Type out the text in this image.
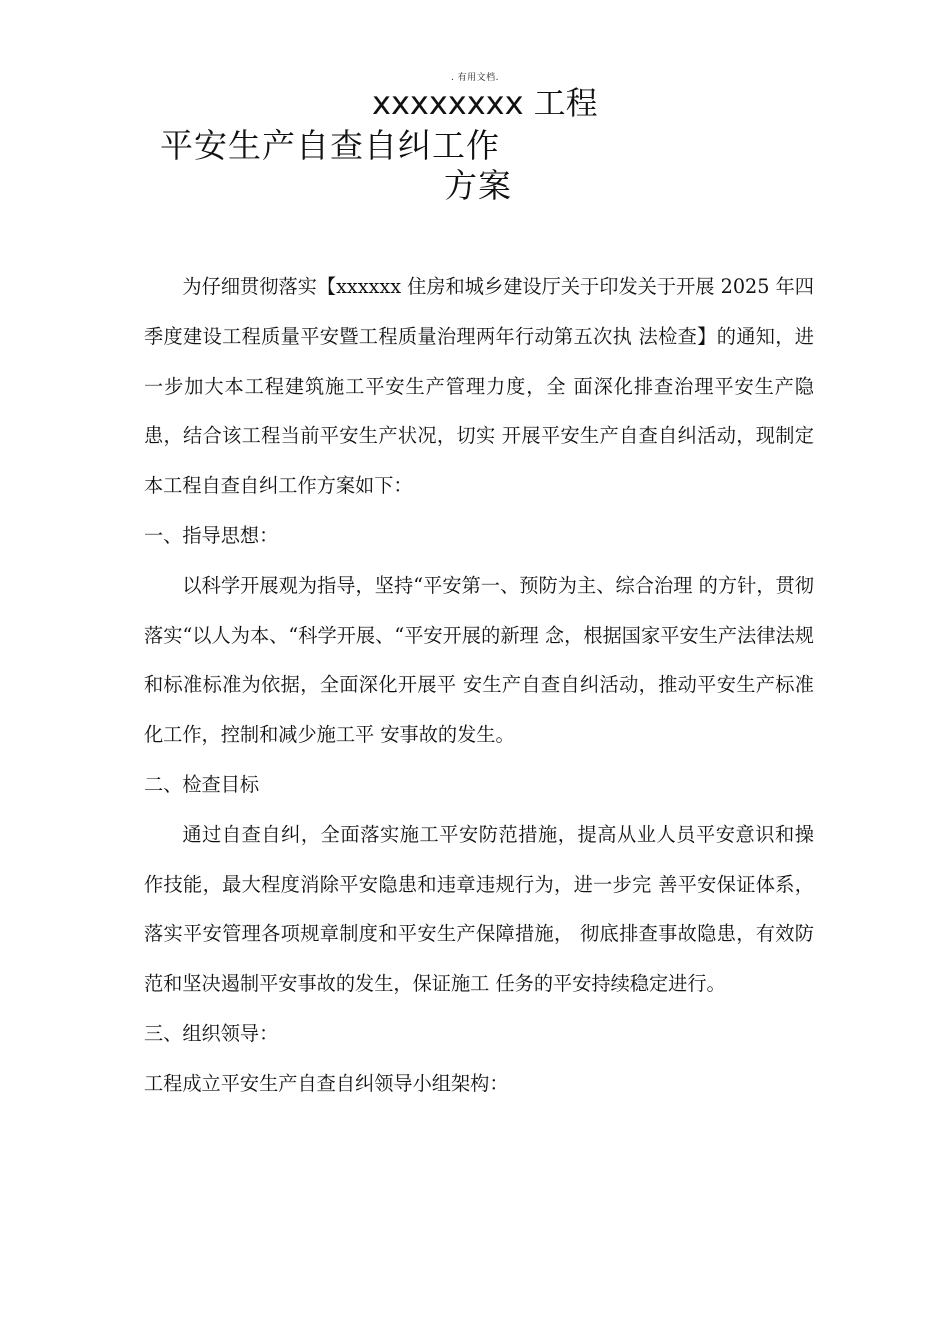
. 有用文档.
xxxxxxxx 工程
平安生产自查自纠工作
方案

为仔细贯彻落实【xxxxxx 住房和城乡建设厅关于印发关于开展 2025 年四季度建设工程质量平安暨工程质量治理两年行动第五次执 法检查】的通知，进一步加大本工程建筑施工平安生产管理力度，全 面深化排查治理平安生产隐患，结合该工程当前平安生产状况，切实 开展平安生产自查自纠活动，现制定本工程自查自纠工作方案如下：

一、指导思想：

以科学开展观为指导，坚持“平安第一、预防为主、综合治理 的方针，贯彻落实“以人为本、“科学开展、“平安开展的新理 念，根据国家平安生产法律法规和标准标准为依据，全面深化开展平 安生产自查自纠活动，推动平安生产标准化工作，控制和减少施工平 安事故的发生。

二、检查目标

通过自查自纠，全面落实施工平安防范措施，提高从业人员平安意识和操作技能，最大程度消除平安隐患和违章违规行为，进一步完 善平安保证体系，落实平安管理各项规章制度和平安生产保障措施， 彻底排查事故隐患，有效防范和坚决遏制平安事故的发生，保证施工 任务的平安持续稳定进行。

三、组织领导：

工程成立平安生产自查自纠领导小组架构：
